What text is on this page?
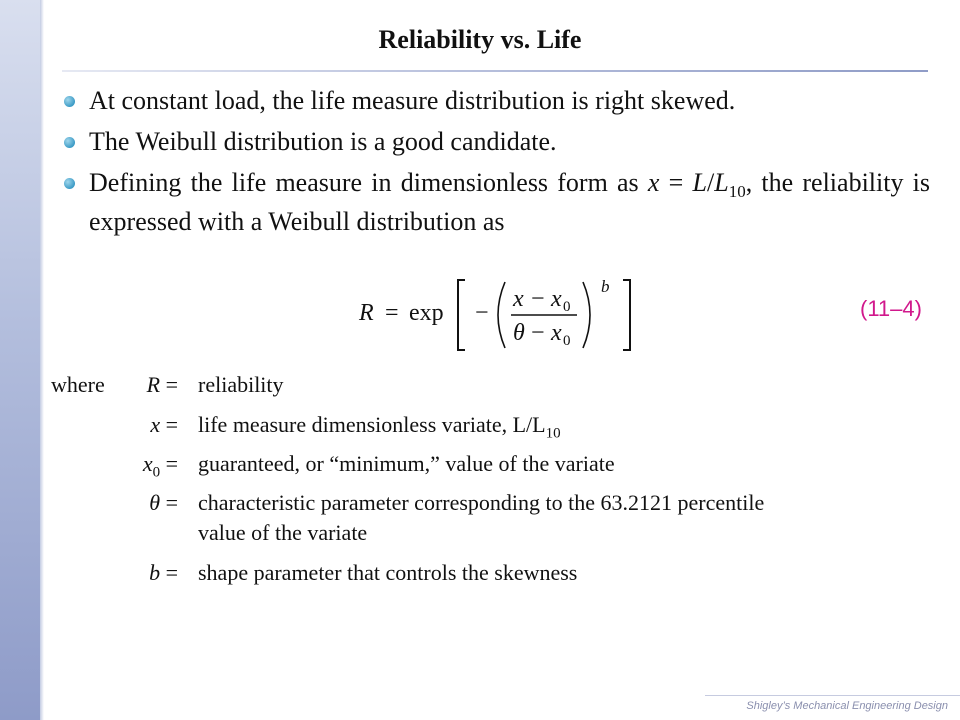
Reliability vs. Life
At constant load, the life measure distribution is right skewed.
The Weibull distribution is a good candidate.
Defining the life measure in dimensionless form as $x = L/L_{10}$, the reliability is expressed with a Weibull distribution as
R = exp −
x − x 0
θ − x 0
b
(11–4)
where	R = reliability
x = life measure dimensionless variate, $L/L_{10}$
$x_0$ = guaranteed, or “minimum,” value of the variate
θ = characteristic parameter corresponding to the 63.2121 percentile
value of the variate
b = shape parameter that controls the skewness
Shigley’s Mechanical Engineering Design
